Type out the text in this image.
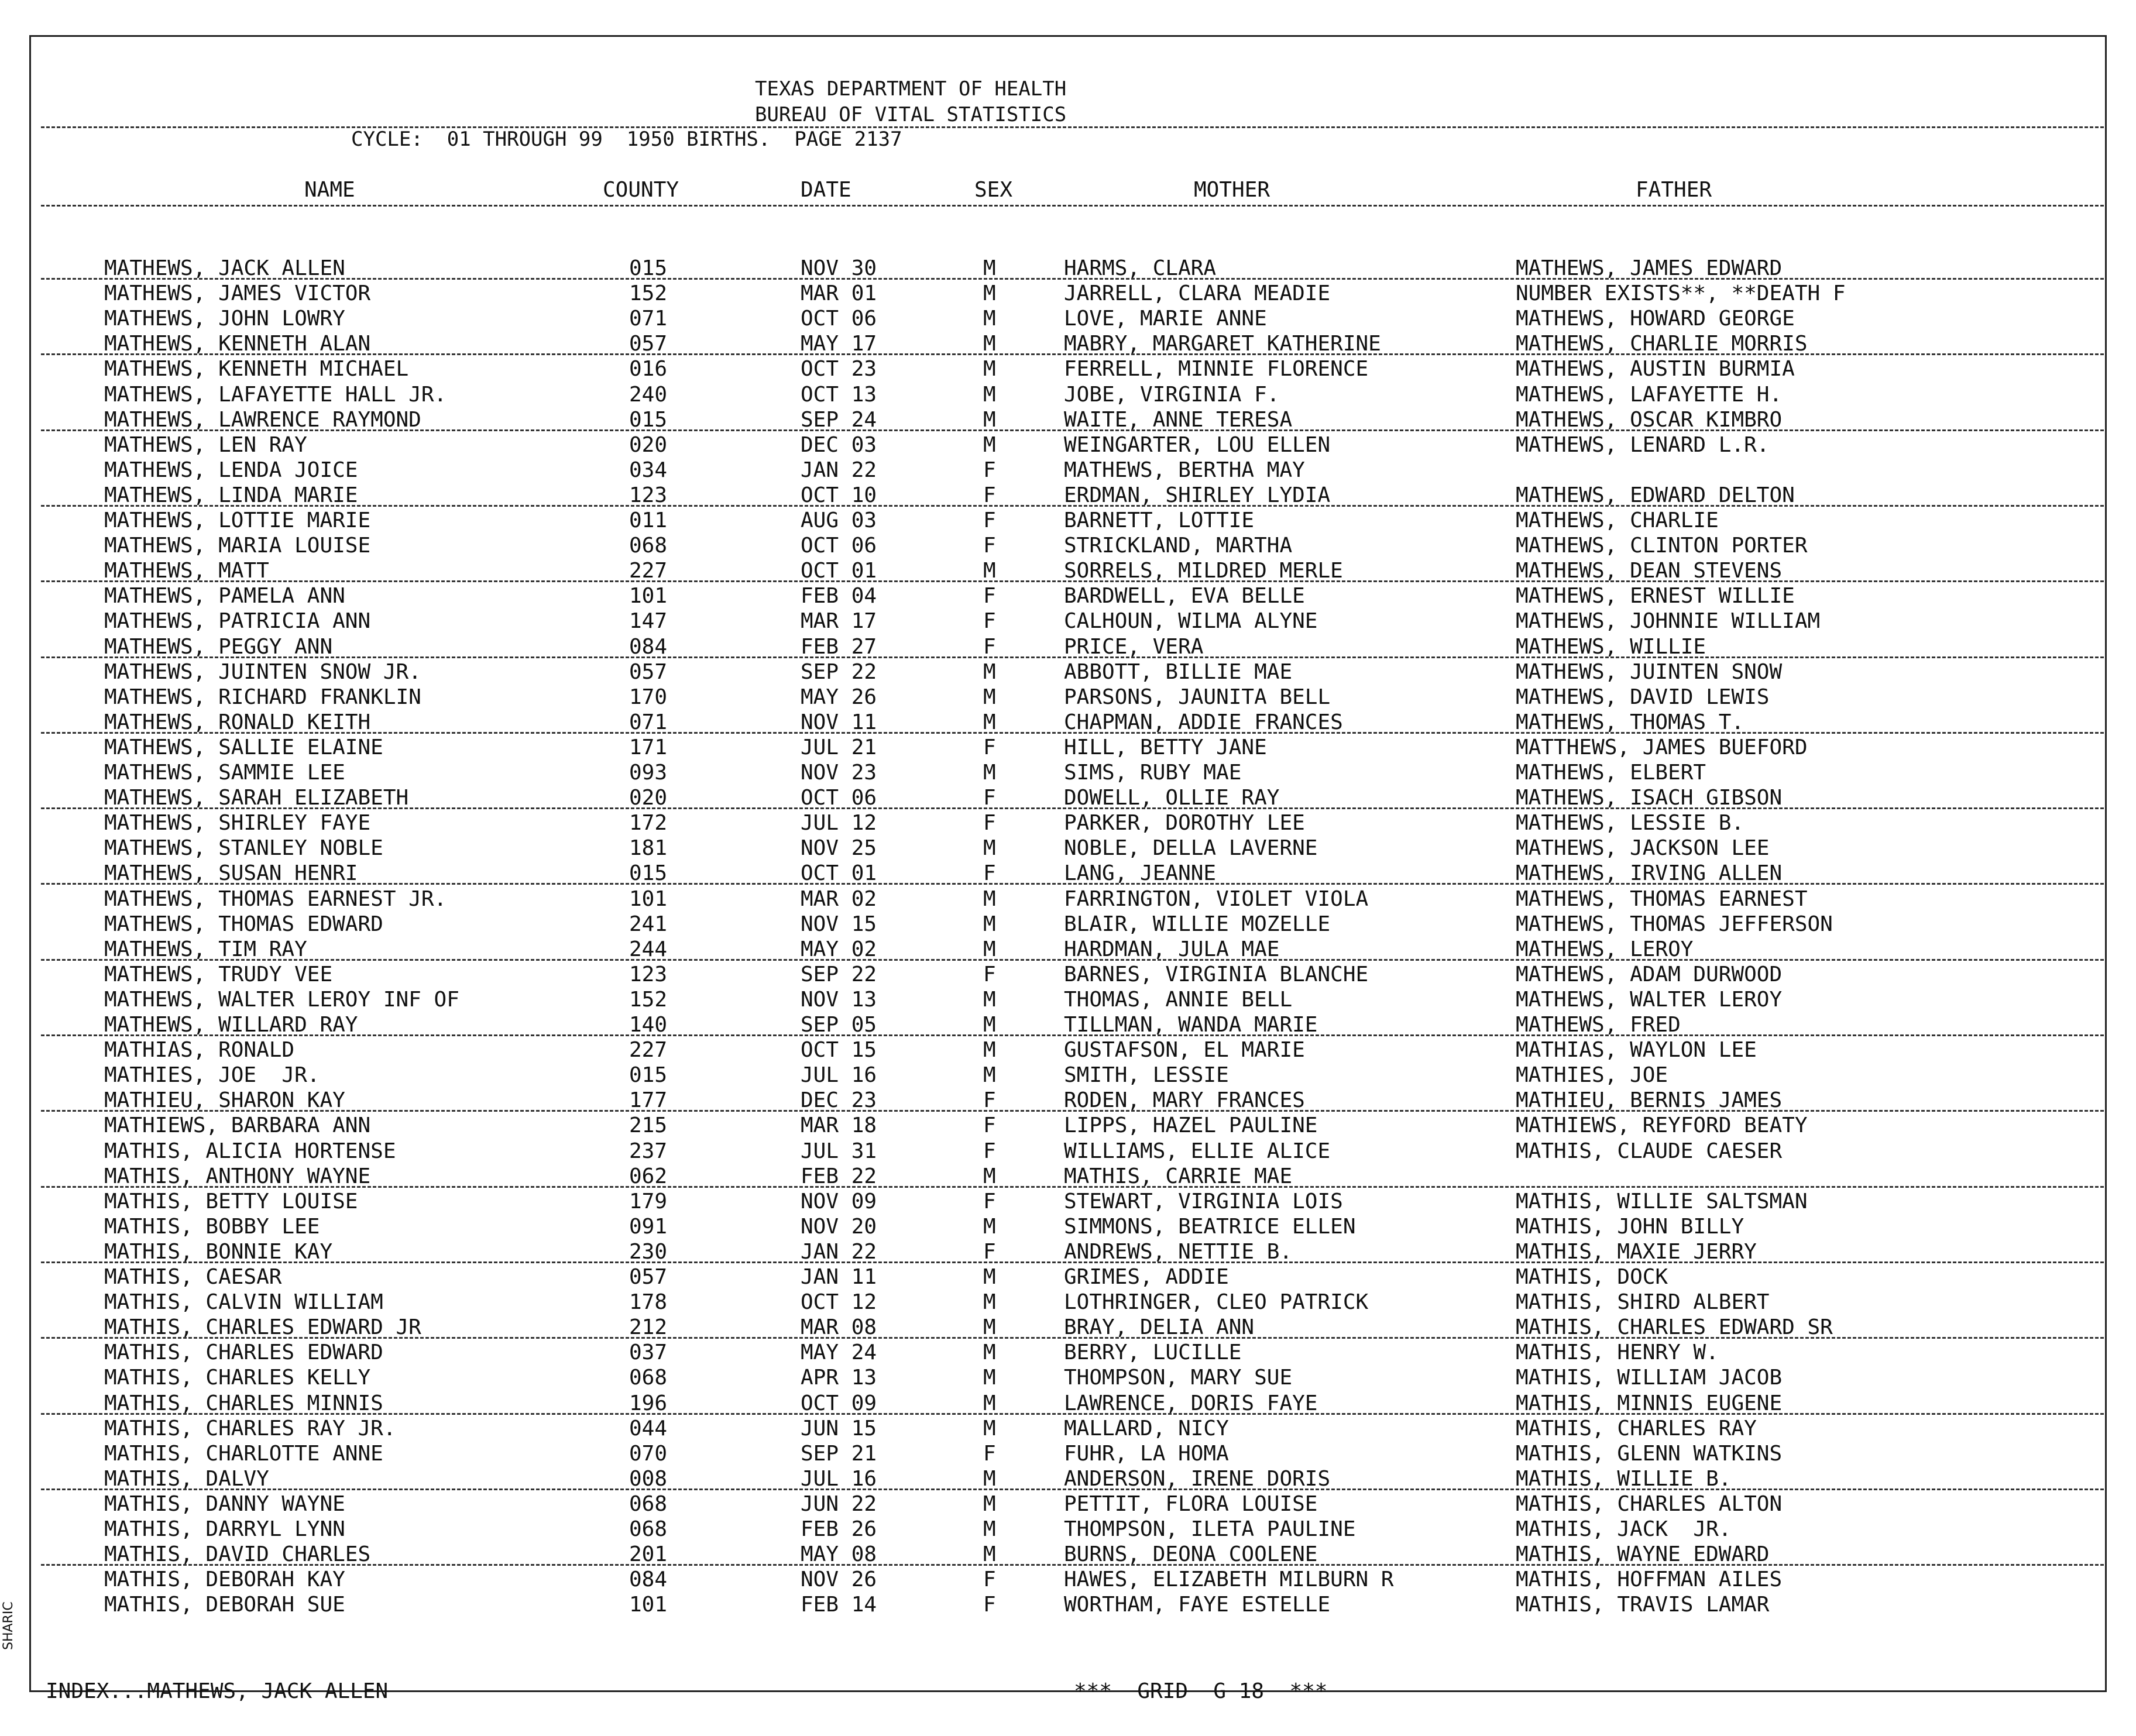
TEXAS DEPARTMENT OF HEALTH
BUREAU OF VITAL STATISTICS
CYCLE:  01 THROUGH 99  1950 BIRTHS.  PAGE 2137
NAME	COUNTY	DATE	SEX	MOTHER	FATHER
MATHEWS, JACK ALLEN	015	NOV 30	M	HARMS, CLARA	MATHEWS, JAMES EDWARD
MATHEWS, JAMES VICTOR	152	MAR 01	M	JARRELL, CLARA MEADIE	NUMBER EXISTS**, **DEATH F
MATHEWS, JOHN LOWRY	071	OCT 06	M	LOVE, MARIE ANNE	MATHEWS, HOWARD GEORGE
MATHEWS, KENNETH ALAN	057	MAY 17	M	MABRY, MARGARET KATHERINE	MATHEWS, CHARLIE MORRIS
MATHEWS, KENNETH MICHAEL	016	OCT 23	M	FERRELL, MINNIE FLORENCE	MATHEWS, AUSTIN BURMIA
MATHEWS, LAFAYETTE HALL JR.	240	OCT 13	M	JOBE, VIRGINIA F.	MATHEWS, LAFAYETTE H.
MATHEWS, LAWRENCE RAYMOND	015	SEP 24	M	WAITE, ANNE TERESA	MATHEWS, OSCAR KIMBRO
MATHEWS, LEN RAY	020	DEC 03	M	WEINGARTER, LOU ELLEN	MATHEWS, LENARD L.R.
MATHEWS, LENDA JOICE	034	JAN 22	F	MATHEWS, BERTHA MAY
MATHEWS, LINDA MARIE	123	OCT 10	F	ERDMAN, SHIRLEY LYDIA	MATHEWS, EDWARD DELTON
MATHEWS, LOTTIE MARIE	011	AUG 03	F	BARNETT, LOTTIE	MATHEWS, CHARLIE
MATHEWS, MARIA LOUISE	068	OCT 06	F	STRICKLAND, MARTHA	MATHEWS, CLINTON PORTER
MATHEWS, MATT	227	OCT 01	M	SORRELS, MILDRED MERLE	MATHEWS, DEAN STEVENS
MATHEWS, PAMELA ANN	101	FEB 04	F	BARDWELL, EVA BELLE	MATHEWS, ERNEST WILLIE
MATHEWS, PATRICIA ANN	147	MAR 17	F	CALHOUN, WILMA ALYNE	MATHEWS, JOHNNIE WILLIAM
MATHEWS, PEGGY ANN	084	FEB 27	F	PRICE, VERA	MATHEWS, WILLIE
MATHEWS, JUINTEN SNOW JR.	057	SEP 22	M	ABBOTT, BILLIE MAE	MATHEWS, JUINTEN SNOW
MATHEWS, RICHARD FRANKLIN	170	MAY 26	M	PARSONS, JAUNITA BELL	MATHEWS, DAVID LEWIS
MATHEWS, RONALD KEITH	071	NOV 11	M	CHAPMAN, ADDIE FRANCES	MATHEWS, THOMAS T.
MATHEWS, SALLIE ELAINE	171	JUL 21	F	HILL, BETTY JANE	MATTHEWS, JAMES BUEFORD
MATHEWS, SAMMIE LEE	093	NOV 23	M	SIMS, RUBY MAE	MATHEWS, ELBERT
MATHEWS, SARAH ELIZABETH	020	OCT 06	F	DOWELL, OLLIE RAY	MATHEWS, ISACH GIBSON
MATHEWS, SHIRLEY FAYE	172	JUL 12	F	PARKER, DOROTHY LEE	MATHEWS, LESSIE B.
MATHEWS, STANLEY NOBLE	181	NOV 25	M	NOBLE, DELLA LAVERNE	MATHEWS, JACKSON LEE
MATHEWS, SUSAN HENRI	015	OCT 01	F	LANG, JEANNE	MATHEWS, IRVING ALLEN
MATHEWS, THOMAS EARNEST JR.	101	MAR 02	M	FARRINGTON, VIOLET VIOLA	MATHEWS, THOMAS EARNEST
MATHEWS, THOMAS EDWARD	241	NOV 15	M	BLAIR, WILLIE MOZELLE	MATHEWS, THOMAS JEFFERSON
MATHEWS, TIM RAY	244	MAY 02	M	HARDMAN, JULA MAE	MATHEWS, LEROY
MATHEWS, TRUDY VEE	123	SEP 22	F	BARNES, VIRGINIA BLANCHE	MATHEWS, ADAM DURWOOD
MATHEWS, WALTER LEROY INF OF	152	NOV 13	M	THOMAS, ANNIE BELL	MATHEWS, WALTER LEROY
MATHEWS, WILLARD RAY	140	SEP 05	M	TILLMAN, WANDA MARIE	MATHEWS, FRED
MATHIAS, RONALD	227	OCT 15	M	GUSTAFSON, EL MARIE	MATHIAS, WAYLON LEE
MATHIES, JOE  JR.	015	JUL 16	M	SMITH, LESSIE	MATHIES, JOE
MATHIEU, SHARON KAY	177	DEC 23	F	RODEN, MARY FRANCES	MATHIEU, BERNIS JAMES
MATHIEWS, BARBARA ANN	215	MAR 18	F	LIPPS, HAZEL PAULINE	MATHIEWS, REYFORD BEATY
MATHIS, ALICIA HORTENSE	237	JUL 31	F	WILLIAMS, ELLIE ALICE	MATHIS, CLAUDE CAESER
MATHIS, ANTHONY WAYNE	062	FEB 22	M	MATHIS, CARRIE MAE
MATHIS, BETTY LOUISE	179	NOV 09	F	STEWART, VIRGINIA LOIS	MATHIS, WILLIE SALTSMAN
MATHIS, BOBBY LEE	091	NOV 20	M	SIMMONS, BEATRICE ELLEN	MATHIS, JOHN BILLY
MATHIS, BONNIE KAY	230	JAN 22	F	ANDREWS, NETTIE B.	MATHIS, MAXIE JERRY
MATHIS, CAESAR	057	JAN 11	M	GRIMES, ADDIE	MATHIS, DOCK
MATHIS, CALVIN WILLIAM	178	OCT 12	M	LOTHRINGER, CLEO PATRICK	MATHIS, SHIRD ALBERT
MATHIS, CHARLES EDWARD JR	212	MAR 08	M	BRAY, DELIA ANN	MATHIS, CHARLES EDWARD SR
MATHIS, CHARLES EDWARD	037	MAY 24	M	BERRY, LUCILLE	MATHIS, HENRY W.
MATHIS, CHARLES KELLY	068	APR 13	M	THOMPSON, MARY SUE	MATHIS, WILLIAM JACOB
MATHIS, CHARLES MINNIS	196	OCT 09	M	LAWRENCE, DORIS FAYE	MATHIS, MINNIS EUGENE
MATHIS, CHARLES RAY JR.	044	JUN 15	M	MALLARD, NICY	MATHIS, CHARLES RAY
MATHIS, CHARLOTTE ANNE	070	SEP 21	F	FUHR, LA HOMA	MATHIS, GLENN WATKINS
MATHIS, DALVY	008	JUL 16	M	ANDERSON, IRENE DORIS	MATHIS, WILLIE B.
MATHIS, DANNY WAYNE	068	JUN 22	M	PETTIT, FLORA LOUISE	MATHIS, CHARLES ALTON
MATHIS, DARRYL LYNN	068	FEB 26	M	THOMPSON, ILETA PAULINE	MATHIS, JACK  JR.
MATHIS, DAVID CHARLES	201	MAY 08	M	BURNS, DEONA COOLENE	MATHIS, WAYNE EDWARD
MATHIS, DEBORAH KAY	084	NOV 26	F	HAWES, ELIZABETH MILBURN R	MATHIS, HOFFMAN AILES
MATHIS, DEBORAH SUE	101	FEB 14	F	WORTHAM, FAYE ESTELLE	MATHIS, TRAVIS LAMAR
INDEX...MATHEWS, JACK ALLEN	***  GRID  G 18  ***
SHARIC
